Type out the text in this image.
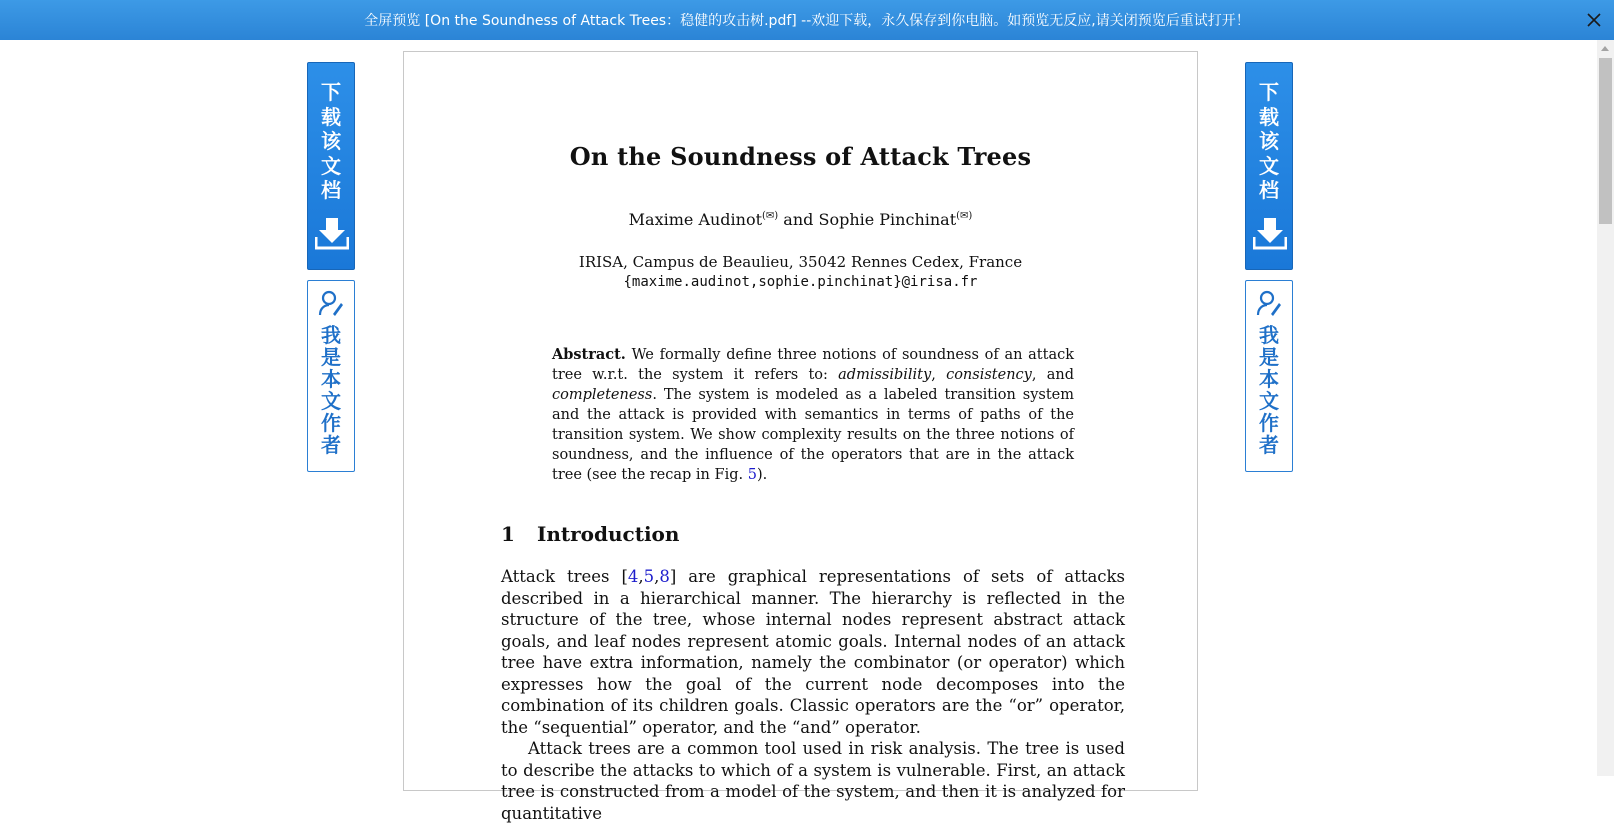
全屏预览 [On the Soundness of Attack Trees：稳健的攻击树.pdf] --欢迎下载，永久保存到你电脑。如预览无反应,请关闭预览后重试打开！
下载该文档
我是本文作者
下载该文档
我是本文作者
On the Soundness of Attack Trees
Maxime Audinot(✉) and Sophie Pinchinat(✉)
IRISA, Campus de Beaulieu, 35042 Rennes Cedex, France
{maxime.audinot,sophie.pinchinat}@irisa.fr
Abstract. We formally define three notions of soundness of an attack tree w.r.t. the system it refers to: admissibility, consistency, and completeness. The system is modeled as a labeled transition system and the attack is provided with semantics in terms of paths of the transition system. We show complexity results on the three notions of soundness, and the influence of the operators that are in the attack tree (see the recap in Fig. 5).
1 Introduction

Attack trees [4,5,8] are graphical representations of sets of attacks described in a hierarchical manner. The hierarchy is reflected in the structure of the tree, whose internal nodes represent abstract attack goals, and leaf nodes represent atomic goals. Internal nodes of an attack tree have extra information, namely the combinator (or operator) which expresses how the goal of the current node decomposes into the combination of its children goals. Classic operators are the “or” operator, the “sequential” operator, and the “and” operator.

Attack trees are a common tool used in risk analysis. The tree is used to describe the attacks to which of a system is vulnerable. First, an attack tree is constructed from a model of the system, and then it is analyzed for quantitative
